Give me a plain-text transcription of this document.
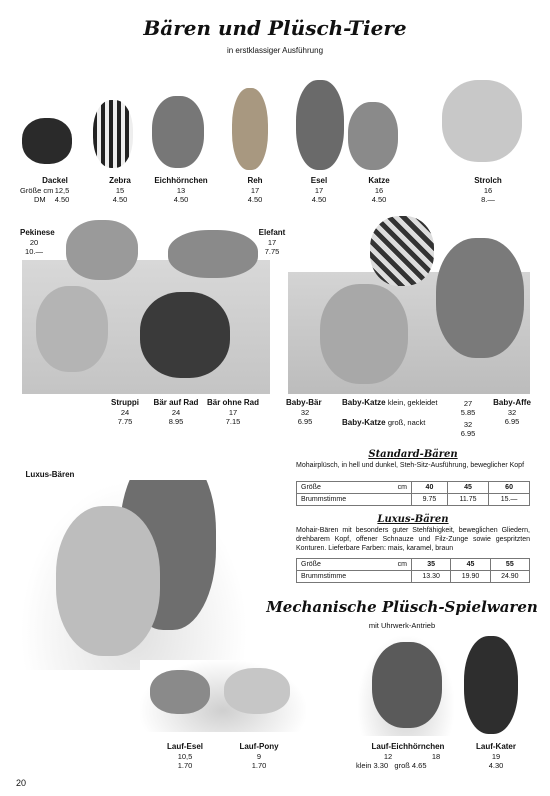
Bären und Plüsch-Tiere
in erstklassiger Ausführung
Größe cm
DM
Dackel
12,5
4.50
Zebra
15
4.50
Eichhörnchen
13
4.50
Reh
17
4.50
Esel
17
4.50
Katze
16
4.50
Strolch
16
8.—
Pekinese
20
10.—
Elefant
17
7.75
Struppi
24
7.75
Bär auf Rad
24
8.95
Bär ohne Rad
17
7.15
Baby-Bär
32
6.95
Baby-Katze klein, gekleidet	27
5.85
Baby-Katze groß, nackt	32
6.95
Baby-Affe
32
6.95
Luxus-Bären
Standard-Bären
Mohairplüsch, in hell und dunkel, Steh-Sitz-Ausführung, beweglicher Kopf
Größe	cm	40	45	60
Brummstimme		9.75	11.75	15.—
Luxus-Bären
Mohair-Bären mit besonders guter Stehfähigkeit, beweglichen Gliedern, drehbarem Kopf, offener Schnauze und Filz-Zunge sowie gespritzten Konturen. Lieferbare Farben: mais, karamel, braun
Größe	cm	35	45	55
Brummstimme		13.30	19.90	24.90
Mechanische Plüsch-Spielwaren
mit Uhrwerk-Antrieb
Lauf-Esel
10,5
1.70
Lauf-Pony
9
1.70
Lauf-Eichhörnchen
12	18
klein 3.30 groß 4.65
Lauf-Kater
19
4.30
20
